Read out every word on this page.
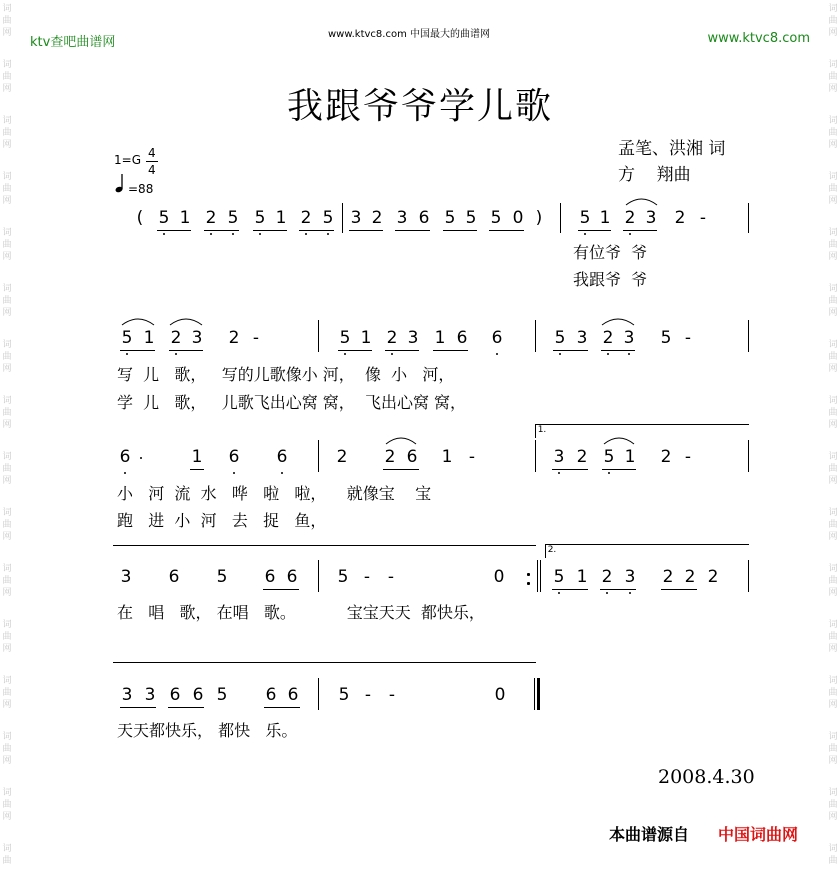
词
曲
网
词
曲
网
词
曲
网
词
曲
网
词
曲
网
词
曲
网
词
曲
网
词
曲
网
词
曲
网
词
曲
网
词
曲
网
词
曲
网
词
曲
网
词
曲
网
词
曲
网
词
曲
词
曲
网
词
曲
网
词
曲
网
词
曲
网
词
曲
网
词
曲
网
词
曲
网
词
曲
网
词
曲
网
词
曲
网
词
曲
网
词
曲
网
词
曲
网
词
曲
网
词
曲
网
词
曲
ktv查吧曲谱网
www.ktvc8.com 中国最大的曲谱网	www.ktvc8.com
我跟爷爷学儿歌
孟笔、洪湘 词
方    翔曲
1=G 4
4
=88
( 5 1 2 5 5 1 2 5 3 2 3 6 5 5 5 0	5 1 2 3 2 -
)
有位爷  爷
我跟爷  爷
5 1 2 3 2 -	5 1 2 3 1 6 6	5 3 2 3 5 -
写  儿   歌，   写的儿歌像小 河，  像  小   河，
学  儿   歌，   儿歌飞出心窝 窝，  飞出心窝 窝，
6	1 6 6	2 2 6 1 -	3 2 5 1 2 -
1.
小   河  流  水   哗   啦   啦，    就像宝    宝
跑   进  小  河   去   捉   鱼，
3 6 5 6 6 5 - -	0	5 1 2 3 2 2 2
2.
在   唱   歌， 在唱   歌。          宝宝天天  都快乐，
3 3 6 6 5 6 6 5 - -	0
天天都快乐， 都快   乐。
2008.4.30
本曲谱源自 中国词曲网
